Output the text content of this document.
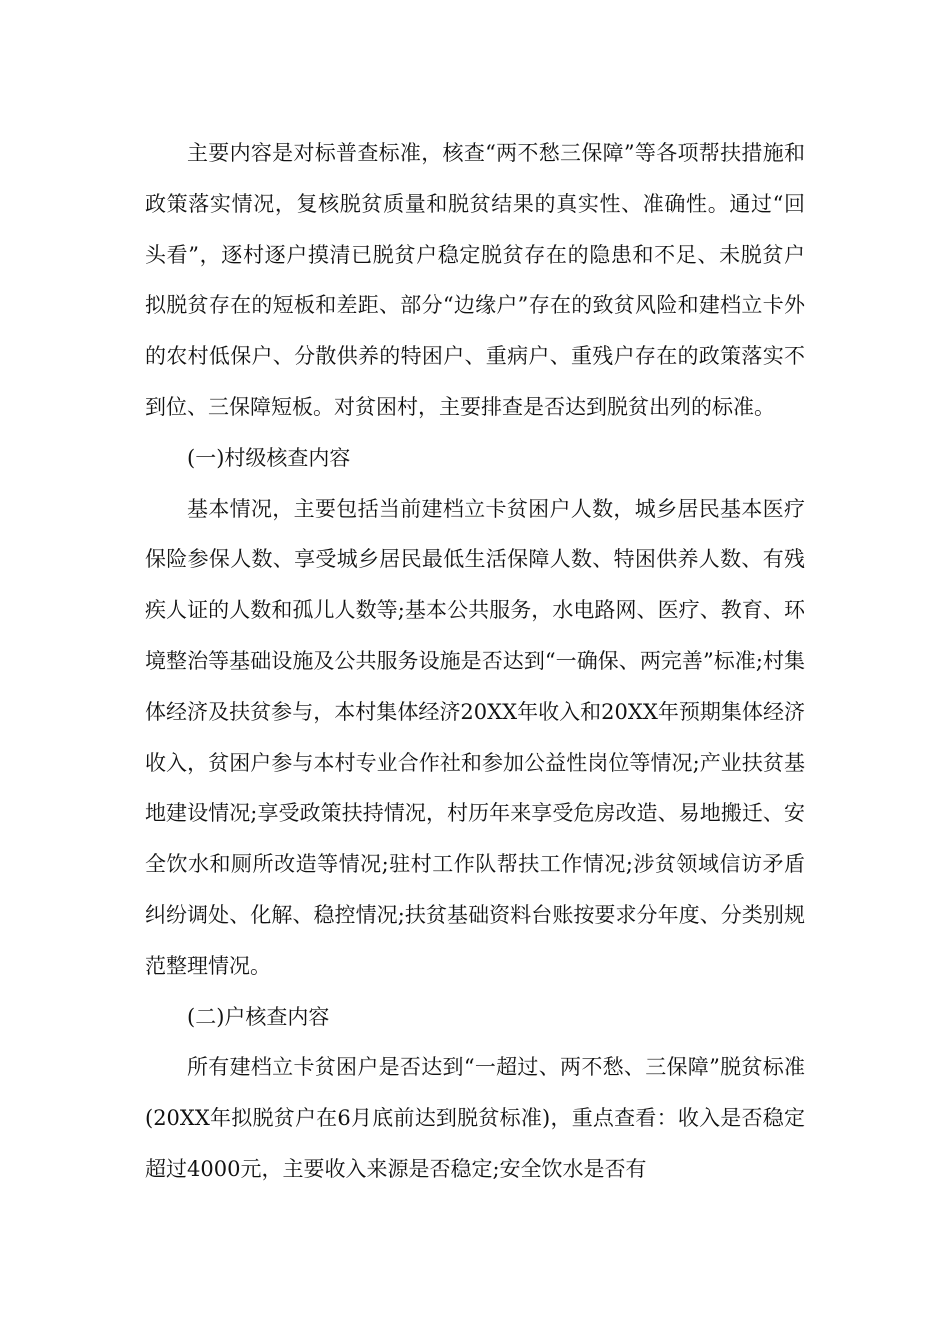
主要内容是对标普查标准，核查“两不愁三保障”等各项帮扶措施和政策落实情况，复核脱贫质量和脱贫结果的真实性、准确性。通过“回头看”，逐村逐户摸清已脱贫户稳定脱贫存在的隐患和不足、未脱贫户拟脱贫存在的短板和差距、部分“边缘户”存在的致贫风险和建档立卡外的农村低保户、分散供养的特困户、重病户、重残户存在的政策落实不到位、三保障短板。对贫困村，主要排查是否达到脱贫出列的标准。

(一)村级核查内容

基本情况，主要包括当前建档立卡贫困户人数，城乡居民基本医疗保险参保人数、享受城乡居民最低生活保障人数、特困供养人数、有残疾人证的人数和孤儿人数等;基本公共服务，水电路网、医疗、教育、环境整治等基础设施及公共服务设施是否达到“一确保、两完善”标准;村集体经济及扶贫参与，本村集体经济20XX年收入和20XX年预期集体经济收入，贫困户参与本村专业合作社和参加公益性岗位等情况;产业扶贫基地建设情况;享受政策扶持情况，村历年来享受危房改造、易地搬迁、安全饮水和厕所改造等情况;驻村工作队帮扶工作情况;涉贫领域信访矛盾纠纷调处、化解、稳控情况;扶贫基础资料台账按要求分年度、分类别规范整理情况。

(二)户核查内容

所有建档立卡贫困户是否达到“一超过、两不愁、三保障”脱贫标准(20XX年拟脱贫户在6月底前达到脱贫标准)，重点查看：收入是否稳定超过4000元，主要收入来源是否稳定;安全饮水是否有
